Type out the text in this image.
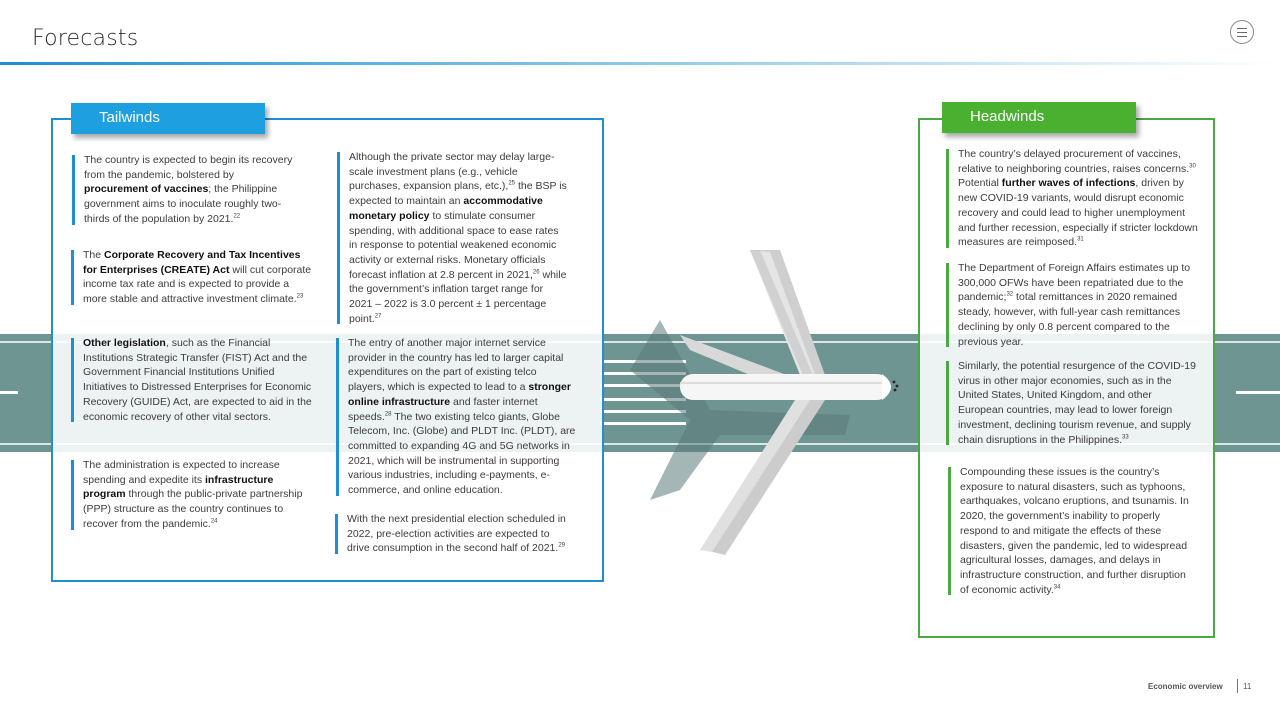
Forecasts
Tailwinds
The country is expected to begin its recovery from the pandemic, bolstered by procurement of vaccines; the Philippine government aims to inoculate roughly two-thirds of the population by 2021.22
The Corporate Recovery and Tax Incentives for Enterprises (CREATE) Act will cut corporate income tax rate and is expected to provide a more stable and attractive investment climate.$^{23}$
Other legislation, such as the Financial Institutions Strategic Transfer (FIST) Act and the Government Financial Institutions Unified Initiatives to Distressed Enterprises for Economic Recovery (GUIDE) Act, are expected to aid in the economic recovery of other vital sectors.
The administration is expected to increase spending and expedite its infrastructure program through the public-private partnership (PPP) structure as the country continues to recover from the pandemic.$^{24}$
Although the private sector may delay large-scale investment plans (e.g., vehicle purchases, expansion plans, etc.),$^{25}$ the BSP is expected to maintain an accommodative monetary policy to stimulate consumer spending, with additional space to ease rates in response to potential weakened economic activity or external risks. Monetary officials forecast inflation at 2.8 percent in 2021,26 while the government’s inflation target range for 2021 – 2022 is 3.0 percent ± 1 percentage point.$^{27}$
The entry of another major internet service provider in the country has led to larger capital expenditures on the part of existing telco players, which is expected to lead to a stronger online infrastructure and faster internet speeds.$^{28}$ The two existing telco giants, Globe Telecom, Inc. (Globe) and PLDT Inc. (PLDT), are committed to expanding 4G and 5G networks in 2021, which will be instrumental in supporting various industries, including e-payments, e-commerce, and online education.
With the next presidential election scheduled in 2022, pre-election activities are expected to drive consumption in the second half of 2021.29
Headwinds
The country’s delayed procurement of vaccines, relative to neighboring countries, raises concerns.$^{30}$ Potential further waves of infections, driven by new COVID-19 variants, would disrupt economic recovery and could lead to higher unemployment and further recession, especially if stricter lockdown measures are reimposed.$^{31}$
The Department of Foreign Affairs estimates up to 300,000 OFWs have been repatriated due to the pandemic;$^{32}$ total remittances in 2020 remained steady, however, with full-year cash remittances declining by only 0.8 percent compared to the previous year.
Similarly, the potential resurgence of the COVID-19 virus in other major economies, such as in the United States, United Kingdom, and other European countries, may lead to lower foreign investment, declining tourism revenue, and supply chain disruptions in the Philippines.$^{33}$
Compounding these issues is the country’s exposure to natural disasters, such as typhoons, earthquakes, volcano eruptions, and tsunamis. In 2020, the government’s inability to properly respond to and mitigate the effects of these disasters, given the pandemic, led to widespread agricultural losses, damages, and delays in infrastructure construction, and further disruption of economic activity.$^{34}$
Economic overview	11
